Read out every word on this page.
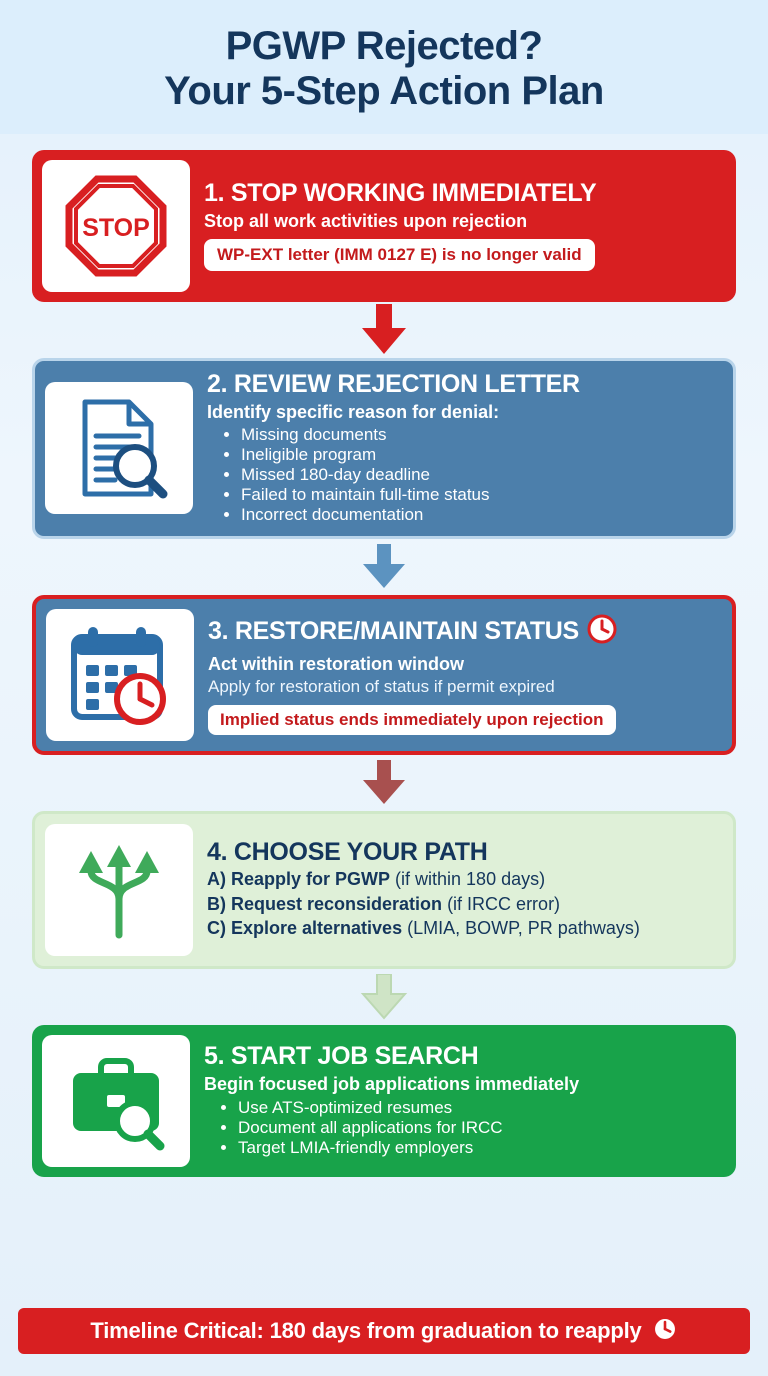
PGWP Rejected?
Your 5-Step Action Plan
STOP
1. STOP WORKING IMMEDIATELY
Stop all work activities upon rejection
WP-EXT letter (IMM 0127 E) is no longer valid
2. REVIEW REJECTION LETTER
Identify specific reason for denial:
• Missing documents
• Ineligible program
• Missed 180-day deadline
• Failed to maintain full-time status
• Incorrect documentation
3. RESTORE/MAINTAIN STATUS
Act within restoration window
Apply for restoration of status if permit expired
Implied status ends immediately upon rejection
4. CHOOSE YOUR PATH
A) Reapply for PGWP (if within 180 days)
B) Request reconsideration (if IRCC error)
C) Explore alternatives (LMIA, BOWP, PR pathways)
5. START JOB SEARCH
Begin focused job applications immediately
• Use ATS-optimized resumes
• Document all applications for IRCC
• Target LMIA-friendly employers
Timeline Critical: 180 days from graduation to reapply
